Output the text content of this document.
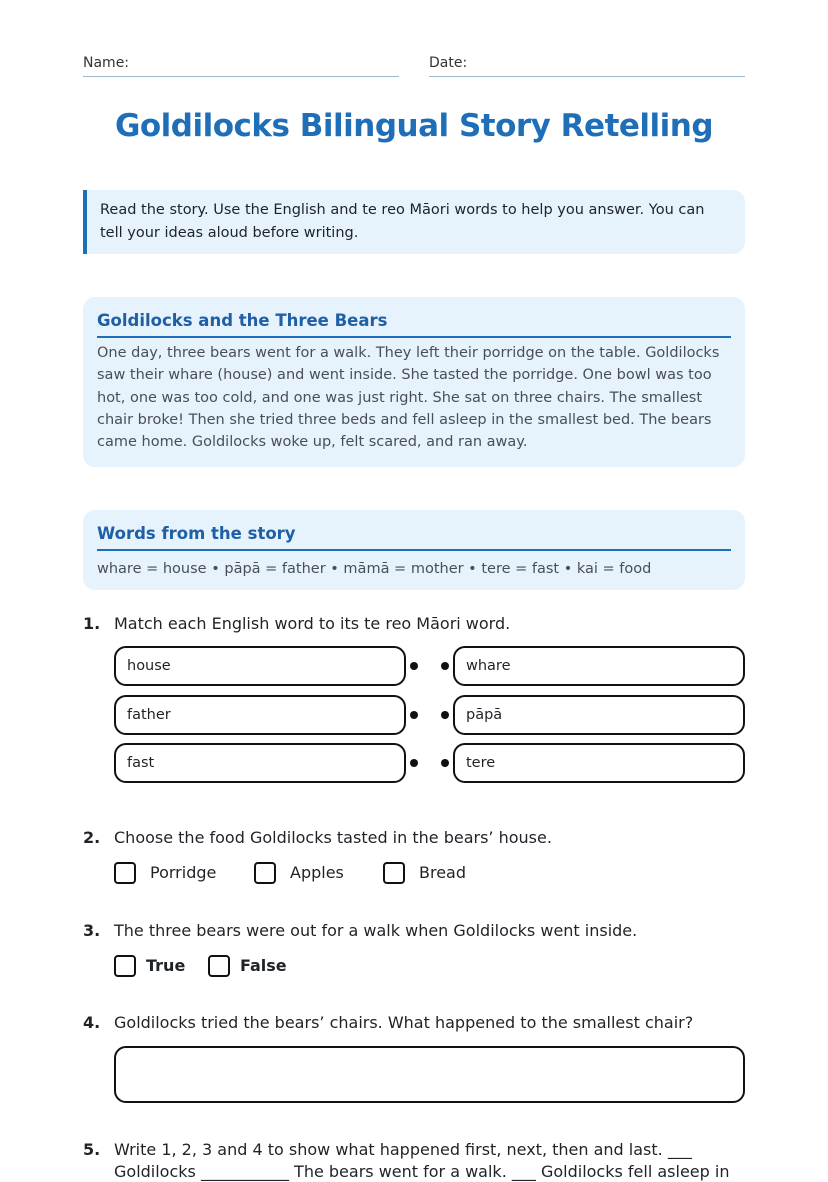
Name:	Date:
Goldilocks Bilingual Story Retelling
Read the story. Use the English and te reo Māori words to help you answer. You can tell your ideas aloud before writing.
Goldilocks and the Three Bears
One day, three bears went for a walk. They left their porridge on the table. Goldilocks saw their whare (house) and went inside. She tasted the porridge. One bowl was too hot, one was too cold, and one was just right. She sat on three chairs. The smallest chair broke! Then she tried three beds and fell asleep in the smallest bed. The bears came home. Goldilocks woke up, felt scared, and ran away.
Words from the story
whare = house • pāpā = father • māmā = mother • tere = fast • kai = food
1. Match each English word to its te reo Māori word.
house	whare
father	pāpā
fast	tere
2. Choose the food Goldilocks tasted in the bears’ house.
Porridge	Apples	Bread
3. The three bears were out for a walk when Goldilocks went inside.
True	False
4. Goldilocks tried the bears’ chairs. What happened to the smallest chair?
5. Write 1, 2, 3 and 4 to show what happened first, next, then and last. ___
Goldilocks ___________ The bears went for a walk. ___ Goldilocks fell asleep in
